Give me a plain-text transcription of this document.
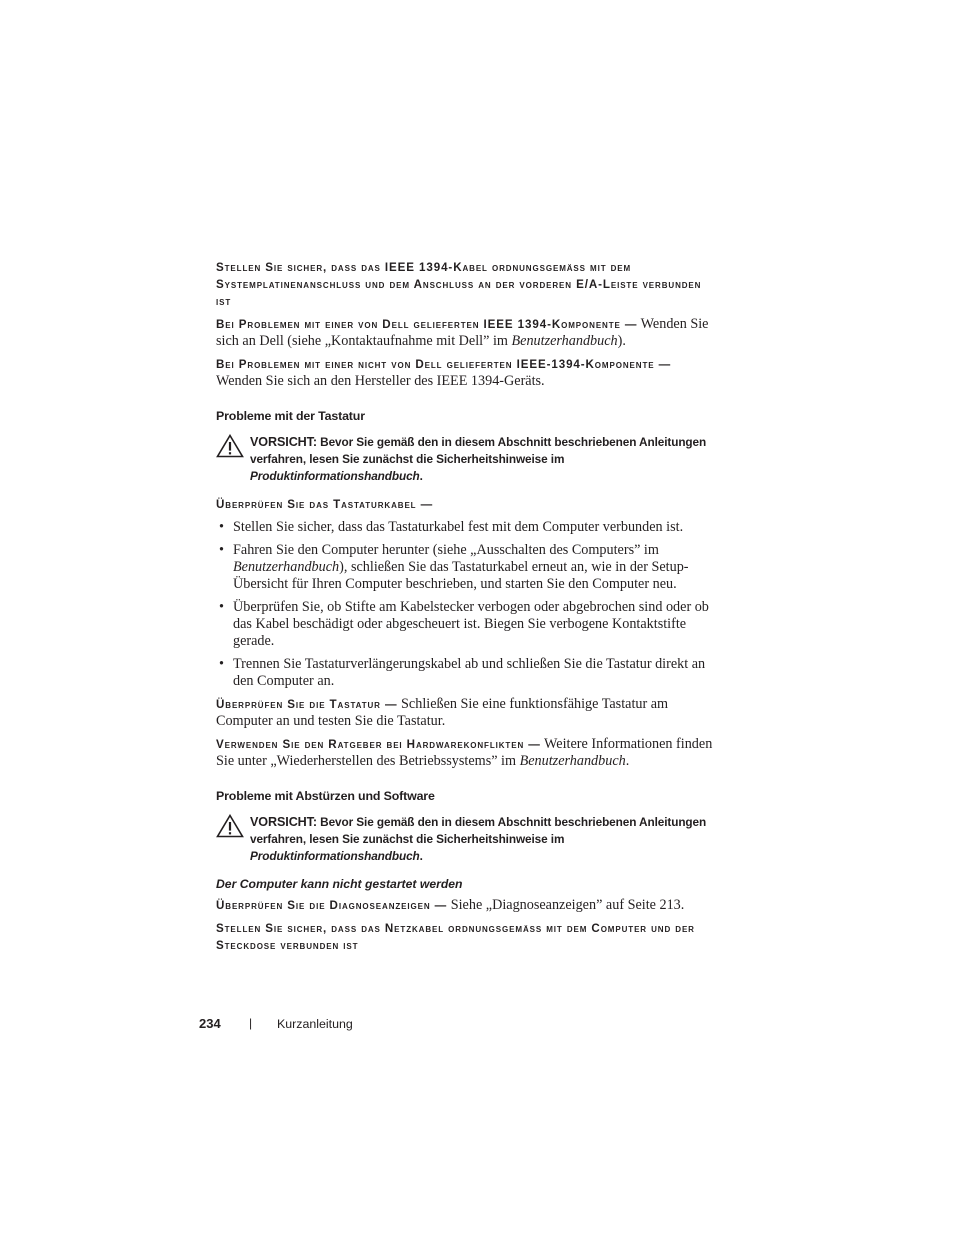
Stellen Sie sicher, dass das IEEE 1394-Kabel ordnungsgemäss mit dem Systemplatinenanschluss und dem Anschluss an der vorderen E/A-Leiste verbunden ist

Bei Problemen mit einer von Dell gelieferten IEEE 1394-Komponente — Wenden Sie sich an Dell (siehe „Kontaktaufnahme mit Dell” im Benutzerhandbuch).

Bei Problemen mit einer nicht von Dell gelieferten IEEE-1394-Komponente — Wenden Sie sich an den Hersteller des IEEE 1394-Geräts.

Probleme mit der Tastatur
VORSICHT: Bevor Sie gemäß den in diesem Abschnitt beschriebenen Anleitungen verfahren, lesen Sie zunächst die Sicherheitshinweise im Produktinformationshandbuch.

Überprüfen Sie das Tastaturkabel —

• Stellen Sie sicher, dass das Tastaturkabel fest mit dem Computer verbunden ist.
• Fahren Sie den Computer herunter (siehe „Ausschalten des Computers” im Benutzerhandbuch), schließen Sie das Tastaturkabel erneut an, wie in der Setup-Übersicht für Ihren Computer beschrieben, und starten Sie den Computer neu.
• Überprüfen Sie, ob Stifte am Kabelstecker verbogen oder abgebrochen sind oder ob das Kabel beschädigt oder abgescheuert ist. Biegen Sie verbogene Kontaktstifte gerade.
• Trennen Sie Tastaturverlängerungskabel ab und schließen Sie die Tastatur direkt an den Computer an.

Überprüfen Sie die Tastatur — Schließen Sie eine funktionsfähige Tastatur am Computer an und testen Sie die Tastatur.

Verwenden Sie den Ratgeber bei Hardwarekonflikten — Weitere Informationen finden Sie unter „Wiederherstellen des Betriebssystems” im Benutzerhandbuch.

Probleme mit Abstürzen und Software
VORSICHT: Bevor Sie gemäß den in diesem Abschnitt beschriebenen Anleitungen verfahren, lesen Sie zunächst die Sicherheitshinweise im Produktinformationshandbuch.

Der Computer kann nicht gestartet werden

Überprüfen Sie die Diagnoseanzeigen — Siehe „Diagnoseanzeigen” auf Seite 213.

Stellen Sie sicher, dass das Netzkabel ordnungsgemäss mit dem Computer und der Steckdose verbunden ist

234 | Kurzanleitung
